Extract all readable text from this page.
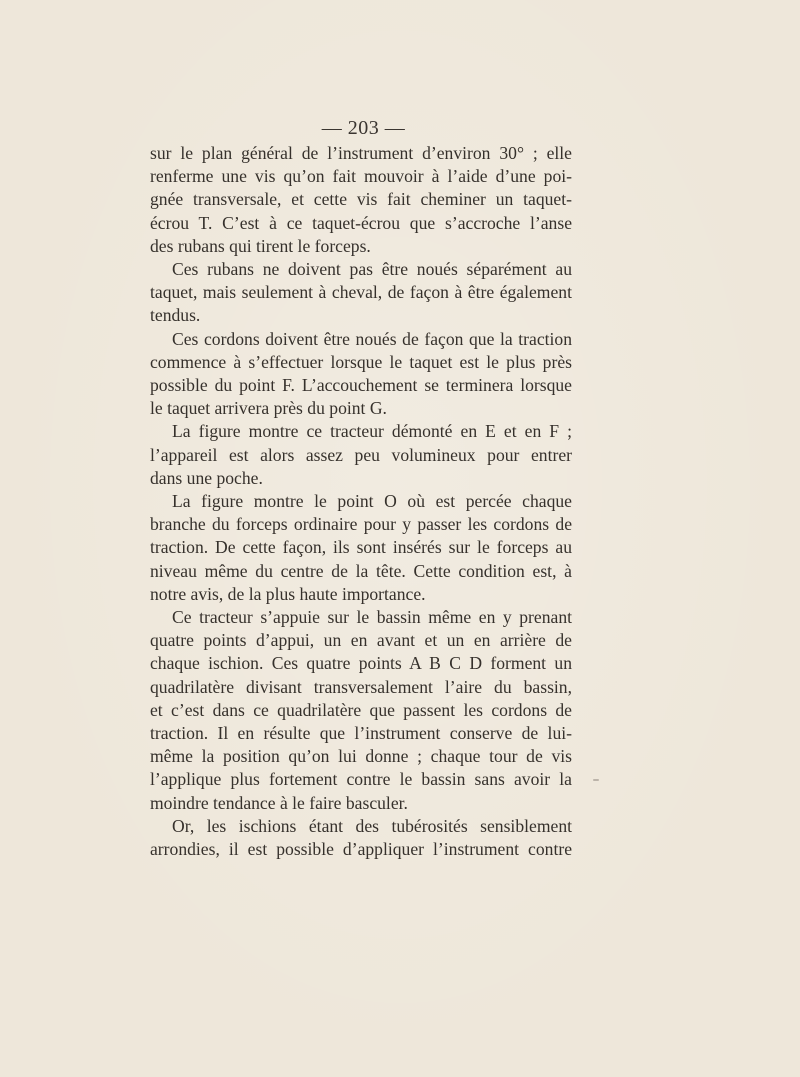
— 203 —
sur le plan général de l’instrument d’environ 30° ; elle
renferme une vis qu’on fait mouvoir à l’aide d’une poi-
gnée transversale, et cette vis fait cheminer un taquet-
écrou T. C’est à ce taquet-écrou que s’accroche l’anse
des rubans qui tirent le forceps.
Ces rubans ne doivent pas être noués séparément au
taquet, mais seulement à cheval, de façon à être également
tendus.
Ces cordons doivent être noués de façon que la traction
commence à s’effectuer lorsque le taquet est le plus près
possible du point F. L’accouchement se terminera lorsque
le taquet arrivera près du point G.
La figure montre ce tracteur démonté en E et en F ;
l’appareil est alors assez peu volumineux pour entrer
dans une poche.
La figure montre le point O où est percée chaque
branche du forceps ordinaire pour y passer les cordons de
traction. De cette façon, ils sont insérés sur le forceps au
niveau même du centre de la tête. Cette condition est, à
notre avis, de la plus haute importance.
Ce tracteur s’appuie sur le bassin même en y prenant
quatre points d’appui, un en avant et un en arrière de
chaque ischion. Ces quatre points A B C D forment un
quadrilatère divisant transversalement l’aire du bassin,
et c’est dans ce quadrilatère que passent les cordons de
traction. Il en résulte que l’instrument conserve de lui-
même la position qu’on lui donne ; chaque tour de vis
l’applique plus fortement contre le bassin sans avoir la
moindre tendance à le faire basculer.
Or, les ischions étant des tubérosités sensiblement
arrondies, il est possible d’appliquer l’instrument contre
